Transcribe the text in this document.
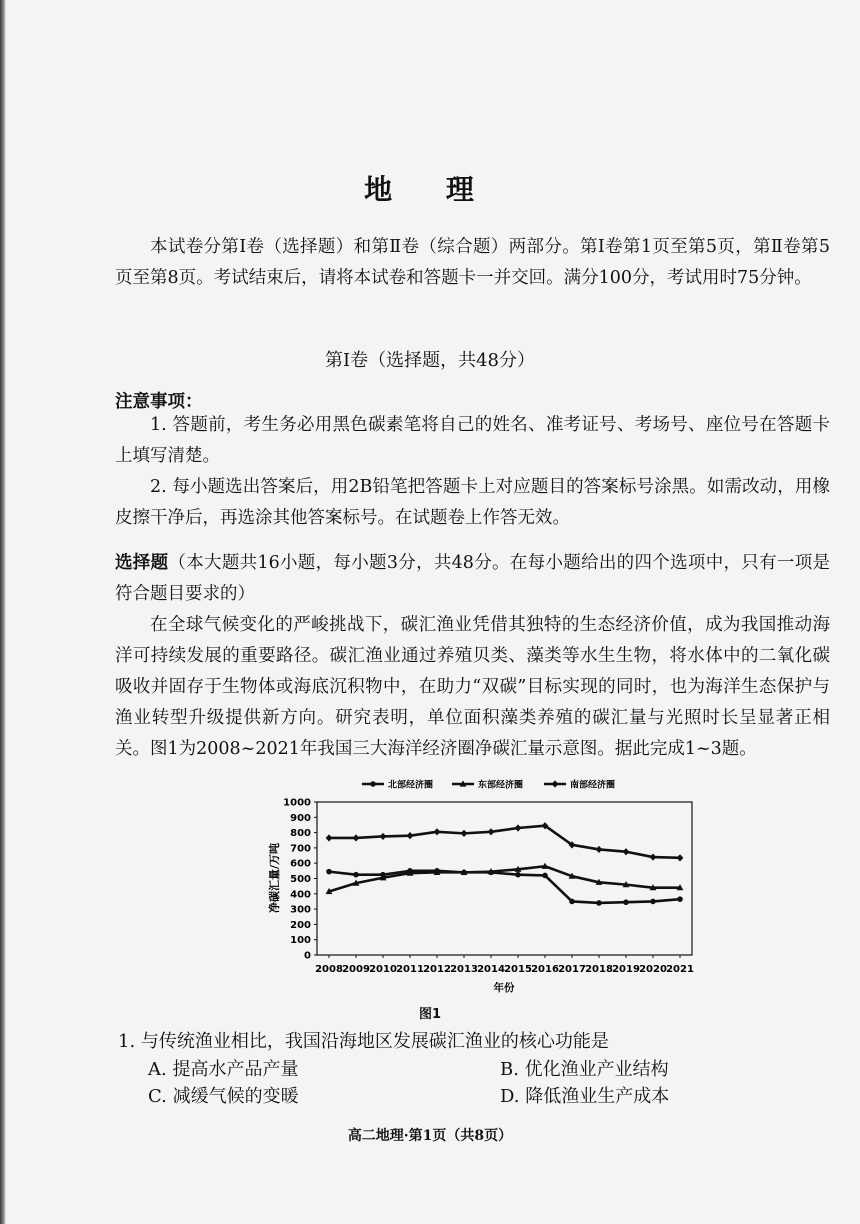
地 理
本试卷分第Ⅰ卷（选择题）和第Ⅱ卷（综合题）两部分。第Ⅰ卷第1页至第5页，第Ⅱ卷第5页至第8页。考试结束后，请将本试卷和答题卡一并交回。满分100分，考试用时75分钟。
第Ⅰ卷（选择题，共48分）
注意事项：
1. 答题前，考生务必用黑色碳素笔将自己的姓名、准考证号、考场号、座位号在答题卡上填写清楚。
2. 每小题选出答案后，用2B铅笔把答题卡上对应题目的答案标号涂黑。如需改动，用橡皮擦干净后，再选涂其他答案标号。在试题卷上作答无效。
选择题（本大题共16小题，每小题3分，共48分。在每小题给出的四个选项中，只有一项是符合题目要求的）
在全球气候变化的严峻挑战下，碳汇渔业凭借其独特的生态经济价值，成为我国推动海洋可持续发展的重要路径。碳汇渔业通过养殖贝类、藻类等水生生物，将水体中的二氧化碳吸收并固存于生物体或海底沉积物中，在助力“双碳”目标实现的同时，也为海洋生态保护与渔业转型升级提供新方向。研究表明，单位面积藻类养殖的碳汇量与光照时长呈显著正相关。图1为2008~2021年我国三大海洋经济圈净碳汇量示意图。据此完成1~3题。
北部经济圈	东部经济圈	南部经济圈
0
100
200
300
400
500
600
700
800
900
1000
2008 2009 2010 2011 2012 2013 2014 2015 2016 2017 2018 2019 2020 2021
净碳汇量/万吨
年份
图1
1. 与传统渔业相比，我国沿海地区发展碳汇渔业的核心功能是
A. 提高水产品产量	B. 优化渔业产业结构
C. 减缓气候的变暖	D. 降低渔业生产成本
高二地理·第1页（共8页）
